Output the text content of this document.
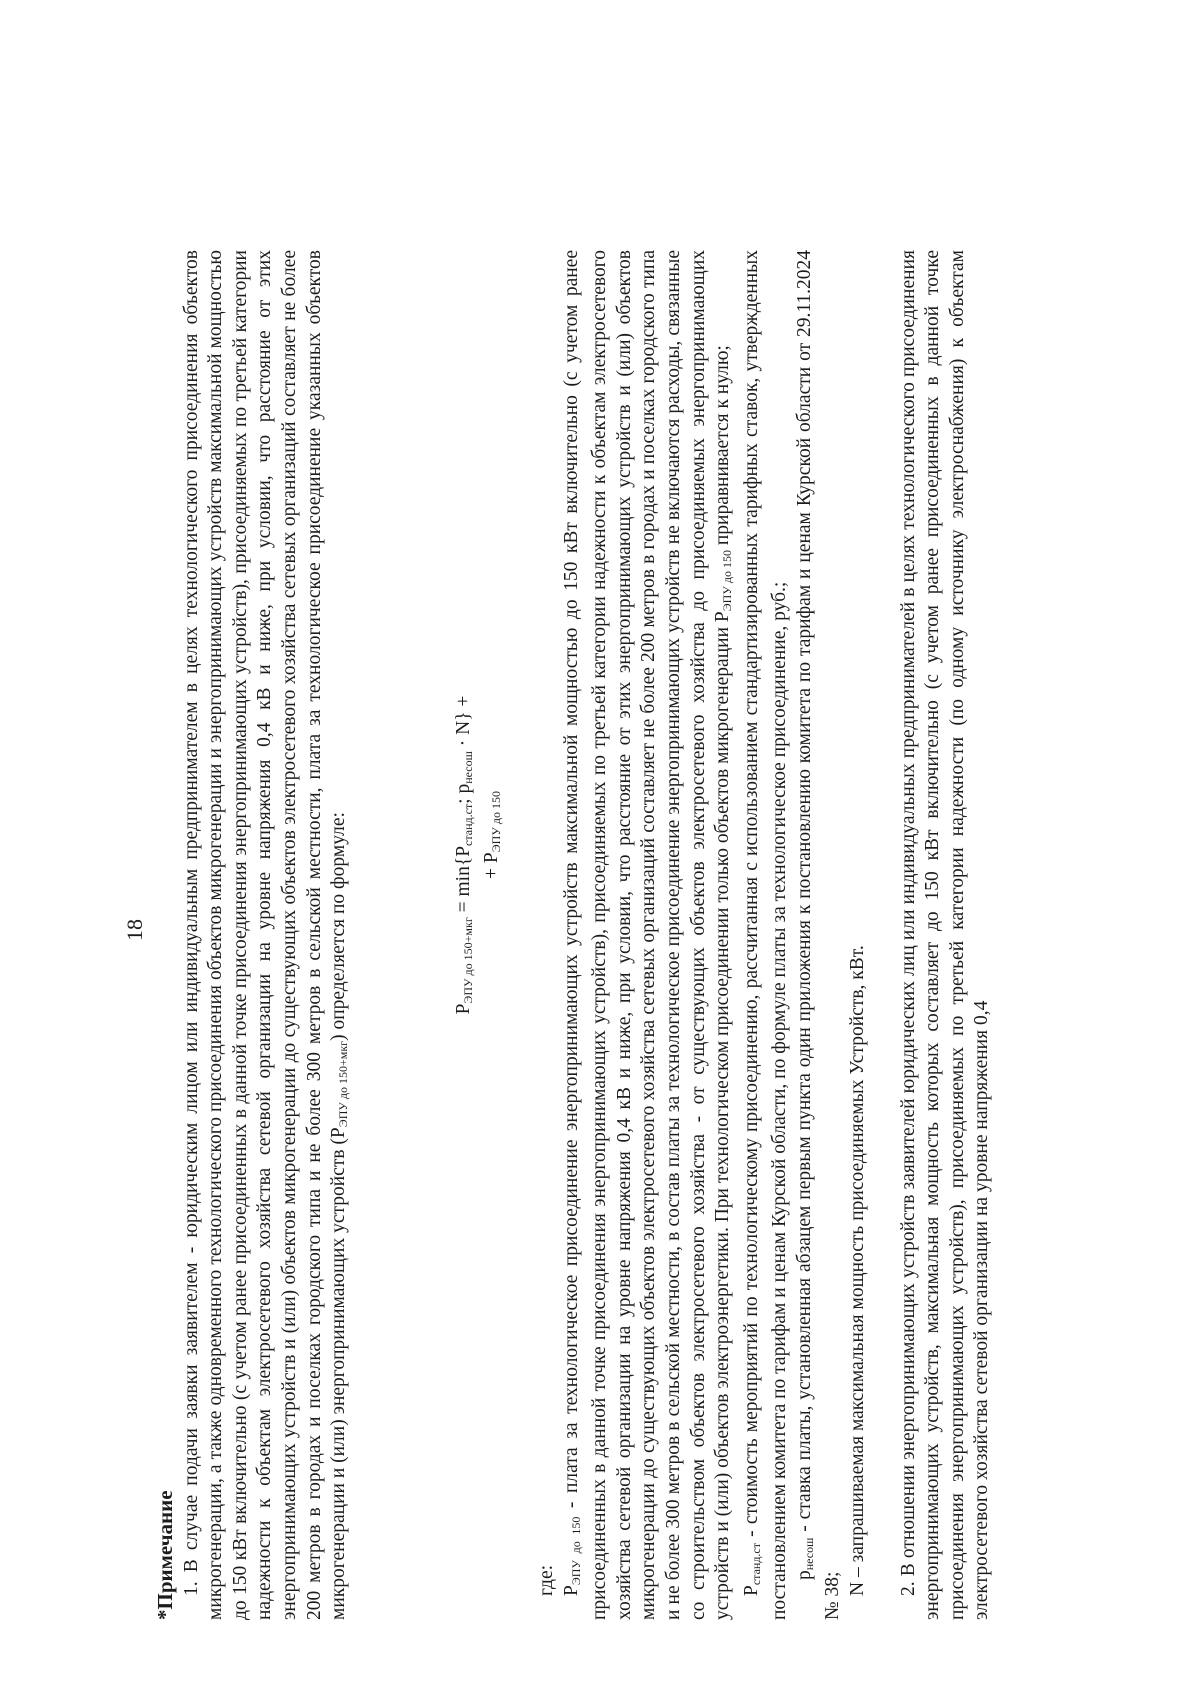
18
*Примечание 1. В случае подачи заявки заявителем - юридическим лицом или индивидуальным предпринимателем в целях технологического присоединения объектов микрогенерации, а также одновременного технологического присоединения объектов микрогенерации и энергопринимающих устройств максимальной мощностью до 150 кВт включительно (с учетом ранее присоединенных в данной точке присоединения энергопринимающих устройств), присоединяемых по третьей категории надежности к объектам электросетевого хозяйства сетевой организации на уровне напряжения 0,4 кВ и ниже, при условии, что расстояние от этих энергопринимающих устройств и (или) объектов микрогенерации до существующих объектов электросетевого хозяйства сетевых организаций составляет не более 200 метров в городах и поселках городского типа и не более 300 метров в сельской местности, плата за технологическое присоединение указанных объектов микрогенерации и (или) энергопринимающих устройств $(Р_{ЭПУ до 150+мкг})$ определяется по формуле:	$Р_{ЭПУ до 150+мкг} = \min\{Р_{станд.ст}$; $р_{несош} \cdot N$} +
+ $Р_{ЭПУ до 150}$

где: $Р_{ЭПУ до 150}$ - плата за технологическое присоединение энергопринимающих устройств максимальной мощностью до 150 кВт включительно (с учетом ранее присоединенных в данной точке присоединения энергопринимающих устройств), присоединяемых по третьей категории надежности к объектам электросетевого хозяйства сетевой организации на уровне напряжения 0,4 кВ и ниже, при условии, что расстояние от этих энергопринимающих устройств и (или) объектов микрогенерации до существующих объектов электросетевого хозяйства сетевых организаций составляет не более 200 метров в городах и поселках городского типа и не более 300 метров в сельской местности, в состав платы за технологическое присоединение энергопринимающих устройств не включаются расходы, связанные со строительством объектов электросетевого хозяйства - от существующих объектов электросетевого хозяйства до присоединяемых энергопринимающих устройств и (или) объектов электроэнергетики. При технологическом присоединении только объектов микрогенерации $Р_{ЭПУ до 150}$ приравнивается к нулю;

$Р_{станд.ст}$ - стоимость мероприятий по технологическому присоединению, рассчитанная с использованием стандартизированных тарифных ставок, утвержденных постановлением комитета по тарифам и ценам Курской области, по формуле платы за технологическое присоединение, руб.; $р_{несош}$ - ставка платы, установленная абзацем первым пункта один приложения к постановлению комитета по тарифам и ценам Курской области от 29.11.2024 № 38; N – запрашиваемая максимальная мощность присоединяемых Устройств, кВт. 2. В отношении энергопринимающих устройств заявителей юридических лиц или индивидуальных предпринимателей в целях технологического присоединения энергопринимающих устройств, максимальная мощность которых составляет до 150 кВт включительно (с учетом ранее присоединенных в данной точке присоединения энергопринимающих устройств), присоединяемых по третьей категории надежности (по одному источнику электроснабжения) к объектам электросетевого хозяйства сетевой организации на уровне напряжения 0,4
